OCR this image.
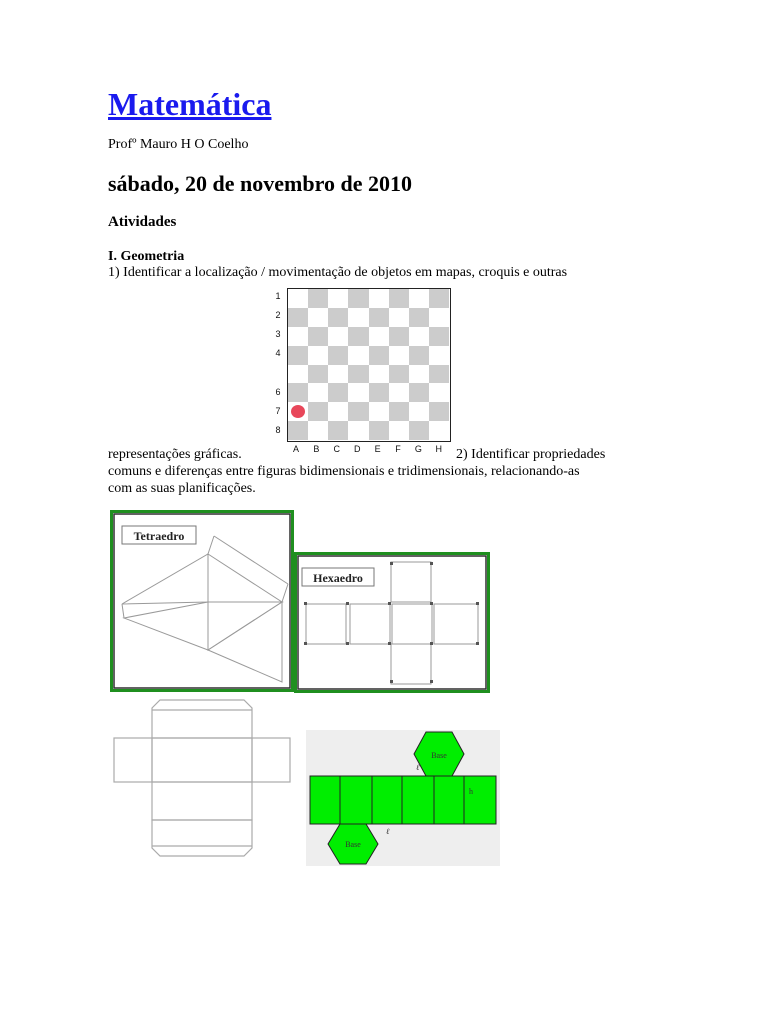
Matemática
Profº Mauro H O Coelho
sábado, 20 de novembro de 2010
Atividades
I. Geometria
1) Identificar a localização / movimentação de objetos em mapas, croquis e outras
1
2
3
4
6
7
8
A	B	C	D	E	F	G	H
representações gráficas.	2) Identificar propriedades
comuns e diferenças entre figuras bidimensionais e tridimensionais, relacionando-as
com as suas planificações.
Tetraedro
Hexaedro
Base
Base
ℓ
ℓ
h
